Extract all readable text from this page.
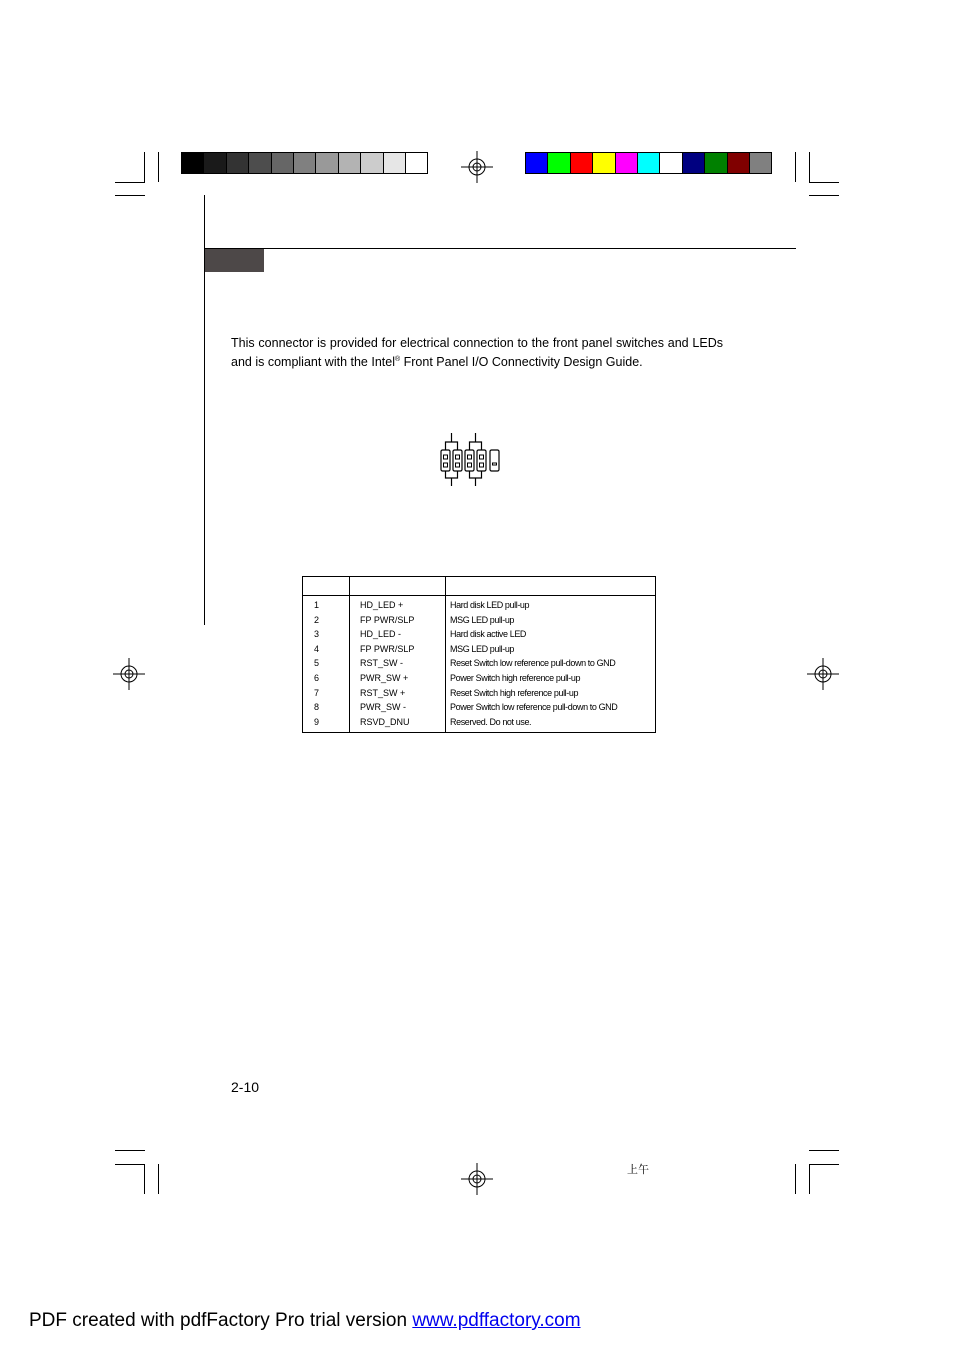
This connector is provided for electrical connection to the front panel switches and LEDs and is compliant with the Intel® Front Panel I/O Connectivity Design Guide.
1	HD_LED +	Hard disk LED pull-up
2	FP PWR/SLP	MSG LED pull-up
3	HD_LED -	Hard disk active LED
4	FP PWR/SLP	MSG LED pull-up
5	RST_SW -	Reset Switch low reference pull-down to GND
6	PWR_SW +	Power Switch high reference pull-up
7	RST_SW +	Reset Switch high reference pull-up
8	PWR_SW -	Power Switch low reference pull-down to GND
9	RSVD_DNU	Reserved. Do not use.
2-10
上午
PDF created with pdfFactory Pro trial version www.pdffactory.com
